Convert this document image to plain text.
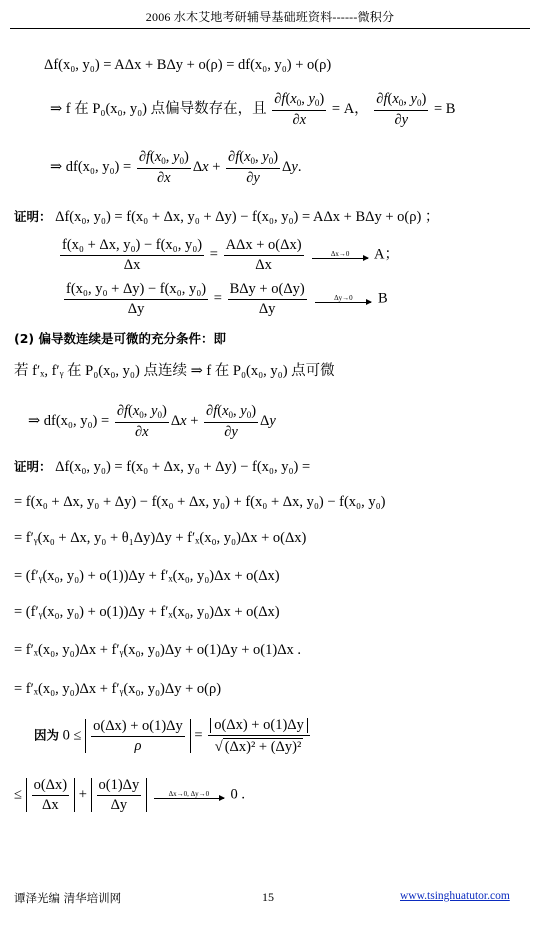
2006 水木艾地考研辅导基础班资料------微积分
Δf(x₀, y₀) = AΔx + BΔy + o(ρ) = df(x₀, y₀) + o(ρ)
⇒ f 在 P₀(x₀, y₀) 点偏导数存在，且 $\frac{\partial f(x_0, y_0)}{\partial x} = A$， $\frac{\partial f(x_0, y_0)}{\partial y} = B$
⇒ df(x₀, $y_0) = \frac{\partial f(x_0, y_0)}{\partial x}$ $\Delta x + \frac{\partial f(x_0, y_0)}{\partial y} \Delta y$.
证明： Δf(x₀, y₀) = f(x₀ + Δx, y₀ + Δy) − f(x₀, y₀) = AΔx + BΔy + o(ρ) ；
$\frac{\text{f(x₀ + Δx, y₀) − f(x₀, y₀)}}{\Delta x} = \frac{\text{AΔx + o(Δx)}}{\Delta x}$
	Δx→0 A；
$\frac{\text{f(x₀, y₀ + Δy) − f(x₀, y₀)}}{\Delta y} = \frac{\text{BΔy + o(Δy)}}{\Delta y}$
	Δy→0 B
(2) 偏导数连续是可微的充分条件：即
若 f′ₓ, f′ᵧ 在 P₀(x₀, y₀) 点连续 ⇒ f 在 P₀(x₀, y₀) 点可微
⇒ df(x₀, $y_0) = \frac{\partial f(x_0, y_0)}{\partial x}$ $\Delta x + \frac{\partial f(x_0, y_0)}{\partial y}$ Δy
证明： Δf(x₀, y₀) = f(x₀ + Δx, y₀ + Δy) − f(x₀, y₀) =
= f(x₀ + Δx, y₀ + Δy) − f(x₀ + Δx, y₀) + f(x₀ + Δx, y₀) − f(x₀, y₀)
= f′ᵧ(x₀ + Δx, y₀ + θ₁Δy)Δy + f′ₓ(x₀, y₀)Δx + o(Δx)
= (f′ᵧ(x₀, y₀) + o(1))Δy + f′ₓ(x₀, y₀)Δx + o(Δx)
= (f′ᵧ(x₀, y₀) + o(1))Δy + f′ₓ(x₀, y₀)Δx + o(Δx)
= f′ₓ(x₀, y₀)Δx + f′ᵧ(x₀, y₀)Δy + o(1)Δy + o(1)Δx .
= f′ₓ(x₀, y₀)Δx + f′ᵧ(x₀, y₀)Δy + o(ρ)
因为 $0 \le \frac{o(\Delta x) + o(1)\Delta y}{\rho} = \frac{o(\Delta x) + o(1)\Delta y}{\text{√ (Δx)² + (Δy)²}}$
≤ $\frac{o(\Delta x)}{\Delta x} + \frac{o(1)\Delta y}{\Delta y}$
	Δx→0, Δy→0 0 .
谭泽光编 清华培训网	15	www.tsinghuatutor.com
